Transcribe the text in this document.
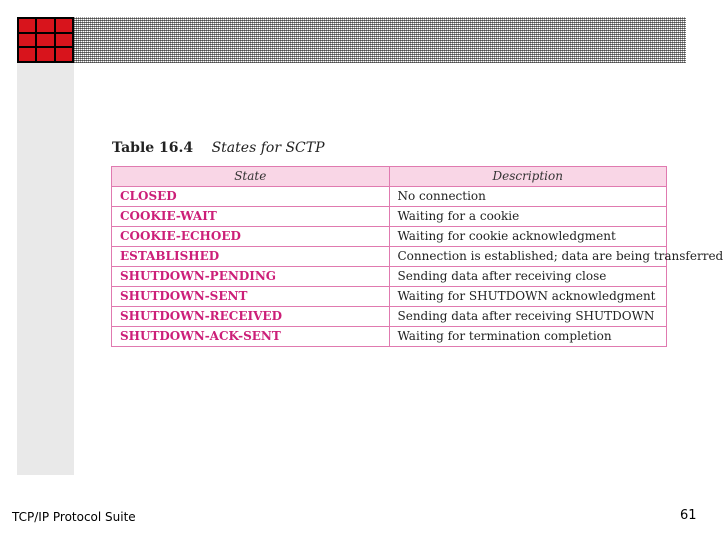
Table 16.4 States for SCTP
State	Description
CLOSED	No connection
COOKIE-WAIT	Waiting for a cookie
COOKIE-ECHOED	Waiting for cookie acknowledgment
ESTABLISHED	Connection is established; data are being transferred
SHUTDOWN-PENDING	Sending data after receiving close
SHUTDOWN-SENT	Waiting for SHUTDOWN acknowledgment
SHUTDOWN-RECEIVED	Sending data after receiving SHUTDOWN
SHUTDOWN-ACK-SENT	Waiting for termination completion
TCP/IP Protocol Suite	61
